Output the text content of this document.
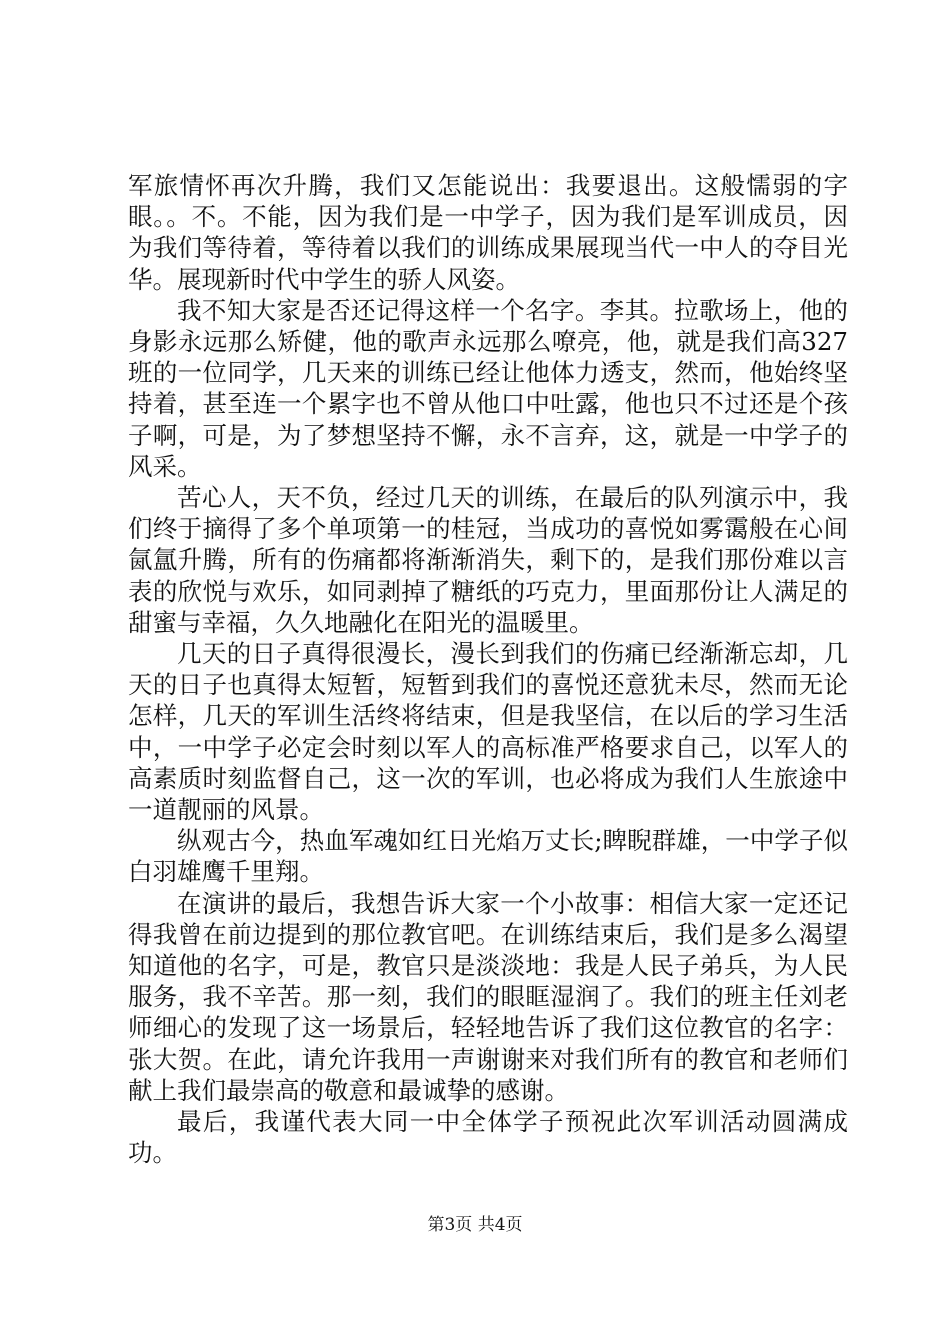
军旅情怀再次升腾，我们又怎能说出：我要退出。这般懦弱的字眼。。不。不能，因为我们是一中学子，因为我们是军训成员，因为我们等待着，等待着以我们的训练成果展现当代一中人的夺目光华。展现新时代中学生的骄人风姿。

我不知大家是否还记得这样一个名字。李其。拉歌场上，他的身影永远那么矫健，他的歌声永远那么嘹亮，他，就是我们高327班的一位同学，几天来的训练已经让他体力透支，然而，他始终坚持着，甚至连一个累字也不曾从他口中吐露，他也只不过还是个孩子啊，可是，为了梦想坚持不懈，永不言弃，这，就是一中学子的风采。

苦心人，天不负，经过几天的训练，在最后的队列演示中，我们终于摘得了多个单项第一的桂冠，当成功的喜悦如雾霭般在心间氤氲升腾，所有的伤痛都将渐渐消失，剩下的，是我们那份难以言表的欣悦与欢乐，如同剥掉了糖纸的巧克力，里面那份让人满足的甜蜜与幸福，久久地融化在阳光的温暖里。

几天的日子真得很漫长，漫长到我们的伤痛已经渐渐忘却，几天的日子也真得太短暂，短暂到我们的喜悦还意犹未尽，然而无论怎样，几天的军训生活终将结束，但是我坚信，在以后的学习生活中，一中学子必定会时刻以军人的高标准严格要求自己，以军人的高素质时刻监督自己，这一次的军训，也必将成为我们人生旅途中一道靓丽的风景。

纵观古今，热血军魂如红日光焰万丈长;睥睨群雄，一中学子似白羽雄鹰千里翔。

在演讲的最后，我想告诉大家一个小故事：相信大家一定还记得我曾在前边提到的那位教官吧。在训练结束后，我们是多么渴望知道他的名字，可是，教官只是淡淡地：我是人民子弟兵，为人民服务，我不辛苦。那一刻，我们的眼眶湿润了。我们的班主任刘老师细心的发现了这一场景后，轻轻地告诉了我们这位教官的名字：张大贺。在此，请允许我用一声谢谢来对我们所有的教官和老师们献上我们最崇高的敬意和最诚挚的感谢。

最后，我谨代表大同一中全体学子预祝此次军训活动圆满成功。

第3页 共4页
